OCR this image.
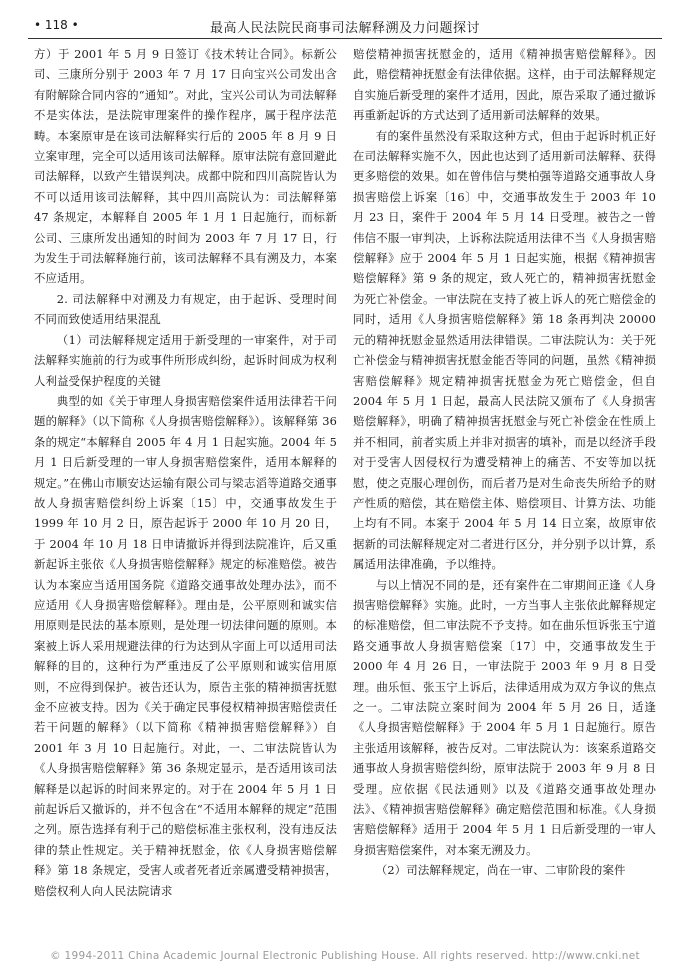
• 118 •	最高人民法院民商事司法解释溯及力问题探讨

方）于 2001 年 5 月 9 日签订《技术转让合同》。标新公司、三康所分别于 2003 年 7 月 17 日向宝兴公司发出含有附解除合同内容的“通知”。对此，宝兴公司认为司法解释不是实体法，是法院审理案件的操作程序，属于程序法范畴。本案原审是在该司法解释实行后的 2005 年 8 月 9 日立案审理，完全可以适用该司法解释。原审法院有意回避此司法解释，以致产生错误判决。成都中院和四川高院皆认为不可以适用该司法解释，其中四川高院认为：司法解释第 47 条规定，本解释自 2005 年 1 月 1 日起施行，而标新公司、三康所发出通知的时间为 2003 年 7 月 17 日，行为发生于司法解释施行前，该司法解释不具有溯及力，本案不应适用。

2. 司法解释中对溯及力有规定，由于起诉、受理时间不同而致使适用结果混乱

（1）司法解释规定适用于新受理的一审案件，对于司法解释实施前的行为或事件所形成纠纷，起诉时间成为权利人利益受保护程度的关键

典型的如《关于审理人身损害赔偿案件适用法律若干问题的解释》（以下简称《人身损害赔偿解释》）。该解释第 36 条的规定“本解释自 2005 年 4 月 1 日起实施。2004 年 5 月 1 日后新受理的一审人身损害赔偿案件，适用本解释的规定。”在佛山市顺安达运输有限公司与梁志滔等道路交通事故人身损害赔偿纠纷上诉案〔15〕中，交通事故发生于 1999 年 10 月 2 日，原告起诉于 2000 年 10 月 20 日，于 2004 年 10 月 18 日申请撤诉并得到法院准许，后又重新起诉主张依《人身损害赔偿解释》规定的标准赔偿。被告认为本案应当适用国务院《道路交通事故处理办法》，而不应适用《人身损害赔偿解释》。理由是，公平原则和诚实信用原则是民法的基本原则，是处理一切法律问题的原则。本案被上诉人采用规避法律的行为达到从字面上可以适用司法解释的目的，这种行为严重违反了公平原则和诚实信用原则，不应得到保护。被告还认为，原告主张的精神损害抚慰金不应被支持。因为《关于确定民事侵权精神损害赔偿责任若干问题的解释》（以下简称《精神损害赔偿解释》）自 2001 年 3 月 10 日起施行。对此，一、二审法院皆认为《人身损害赔偿解释》第 36 条规定显示，是否适用该司法解释是以起诉的时间来界定的。对于在 2004 年 5 月 1 日前起诉后又撤诉的，并不包含在“不适用本解释的规定”范围之列。原告选择有利于己的赔偿标准主张权利，没有违反法律的禁止性规定。关于精神抚慰金，依《人身损害赔偿解释》第 18 条规定，受害人或者死者近亲属遭受精神损害，赔偿权利人向人民法院请求

赔偿精神损害抚慰金的，适用《精神损害赔偿解释》。因此，赔偿精神抚慰金有法律依据。这样，由于司法解释规定自实施后新受理的案件才适用，因此，原告采取了通过撤诉再重新起诉的方式达到了适用新司法解释的效果。

有的案件虽然没有采取这种方式，但由于起诉时机正好在司法解释实施不久，因此也达到了适用新司法解释、获得更多赔偿的效果。如在曾伟信与樊柏强等道路交通事故人身损害赔偿上诉案〔16〕中，交通事故发生于 2003 年 10 月 23 日，案件于 2004 年 5 月 14 日受理。被告之一曾伟信不服一审判决，上诉称法院适用法律不当《人身损害赔偿解释》应于 2004 年 5 月 1 日起实施，根据《精神损害赔偿解释》第 9 条的规定，致人死亡的，精神损害抚慰金为死亡补偿金。一审法院在支持了被上诉人的死亡赔偿金的同时，适用《人身损害赔偿解释》第 18 条再判决 20000 元的精神抚慰金显然适用法律错误。二审法院认为：关于死亡补偿金与精神损害抚慰金能否等同的问题，虽然《精神损害赔偿解释》规定精神损害抚慰金为死亡赔偿金，但自 2004 年 5 月 1 日起，最高人民法院又颁布了《人身损害赔偿解释》，明确了精神损害抚慰金与死亡补偿金在性质上并不相同，前者实质上并非对损害的填补，而是以经济手段对于受害人因侵权行为遭受精神上的痛苦、不安等加以抚慰，使之克服心理创伤，而后者乃是对生命丧失所给予的财产性质的赔偿，其在赔偿主体、赔偿项目、计算方法、功能上均有不同。本案于 2004 年 5 月 14 日立案，故原审依据新的司法解释规定对二者进行区分，并分别予以计算，系属适用法律准确，予以维持。

与以上情况不同的是，还有案件在二审期间正逢《人身损害赔偿解释》实施。此时，一方当事人主张依此解释规定的标准赔偿，但二审法院不予支持。如在曲乐恒诉张玉宁道路交通事故人身损害赔偿案〔17〕中，交通事故发生于 2000 年 4 月 26 日，一审法院于 2003 年 9 月 8 日受理。曲乐恒、张玉宁上诉后，法律适用成为双方争议的焦点之一。二审法院立案时间为 2004 年 5 月 26 日，适逢《人身损害赔偿解释》于 2004 年 5 月 1 日起施行。原告主张适用该解释，被告反对。二审法院认为：该案系道路交通事故人身损害赔偿纠纷，原审法院于 2003 年 9 月 8 日受理。应依据《民法通则》以及《道路交通事故处理办法》、《精神损害赔偿解释》确定赔偿范围和标准。《人身损害赔偿解释》适用于 2004 年 5 月 1 日后新受理的一审人身损害赔偿案件，对本案无溯及力。

（2）司法解释规定，尚在一审、二审阶段的案件

© 1994-2011 China Academic Journal Electronic Publishing House. All rights reserved. http://www.cnki.net
